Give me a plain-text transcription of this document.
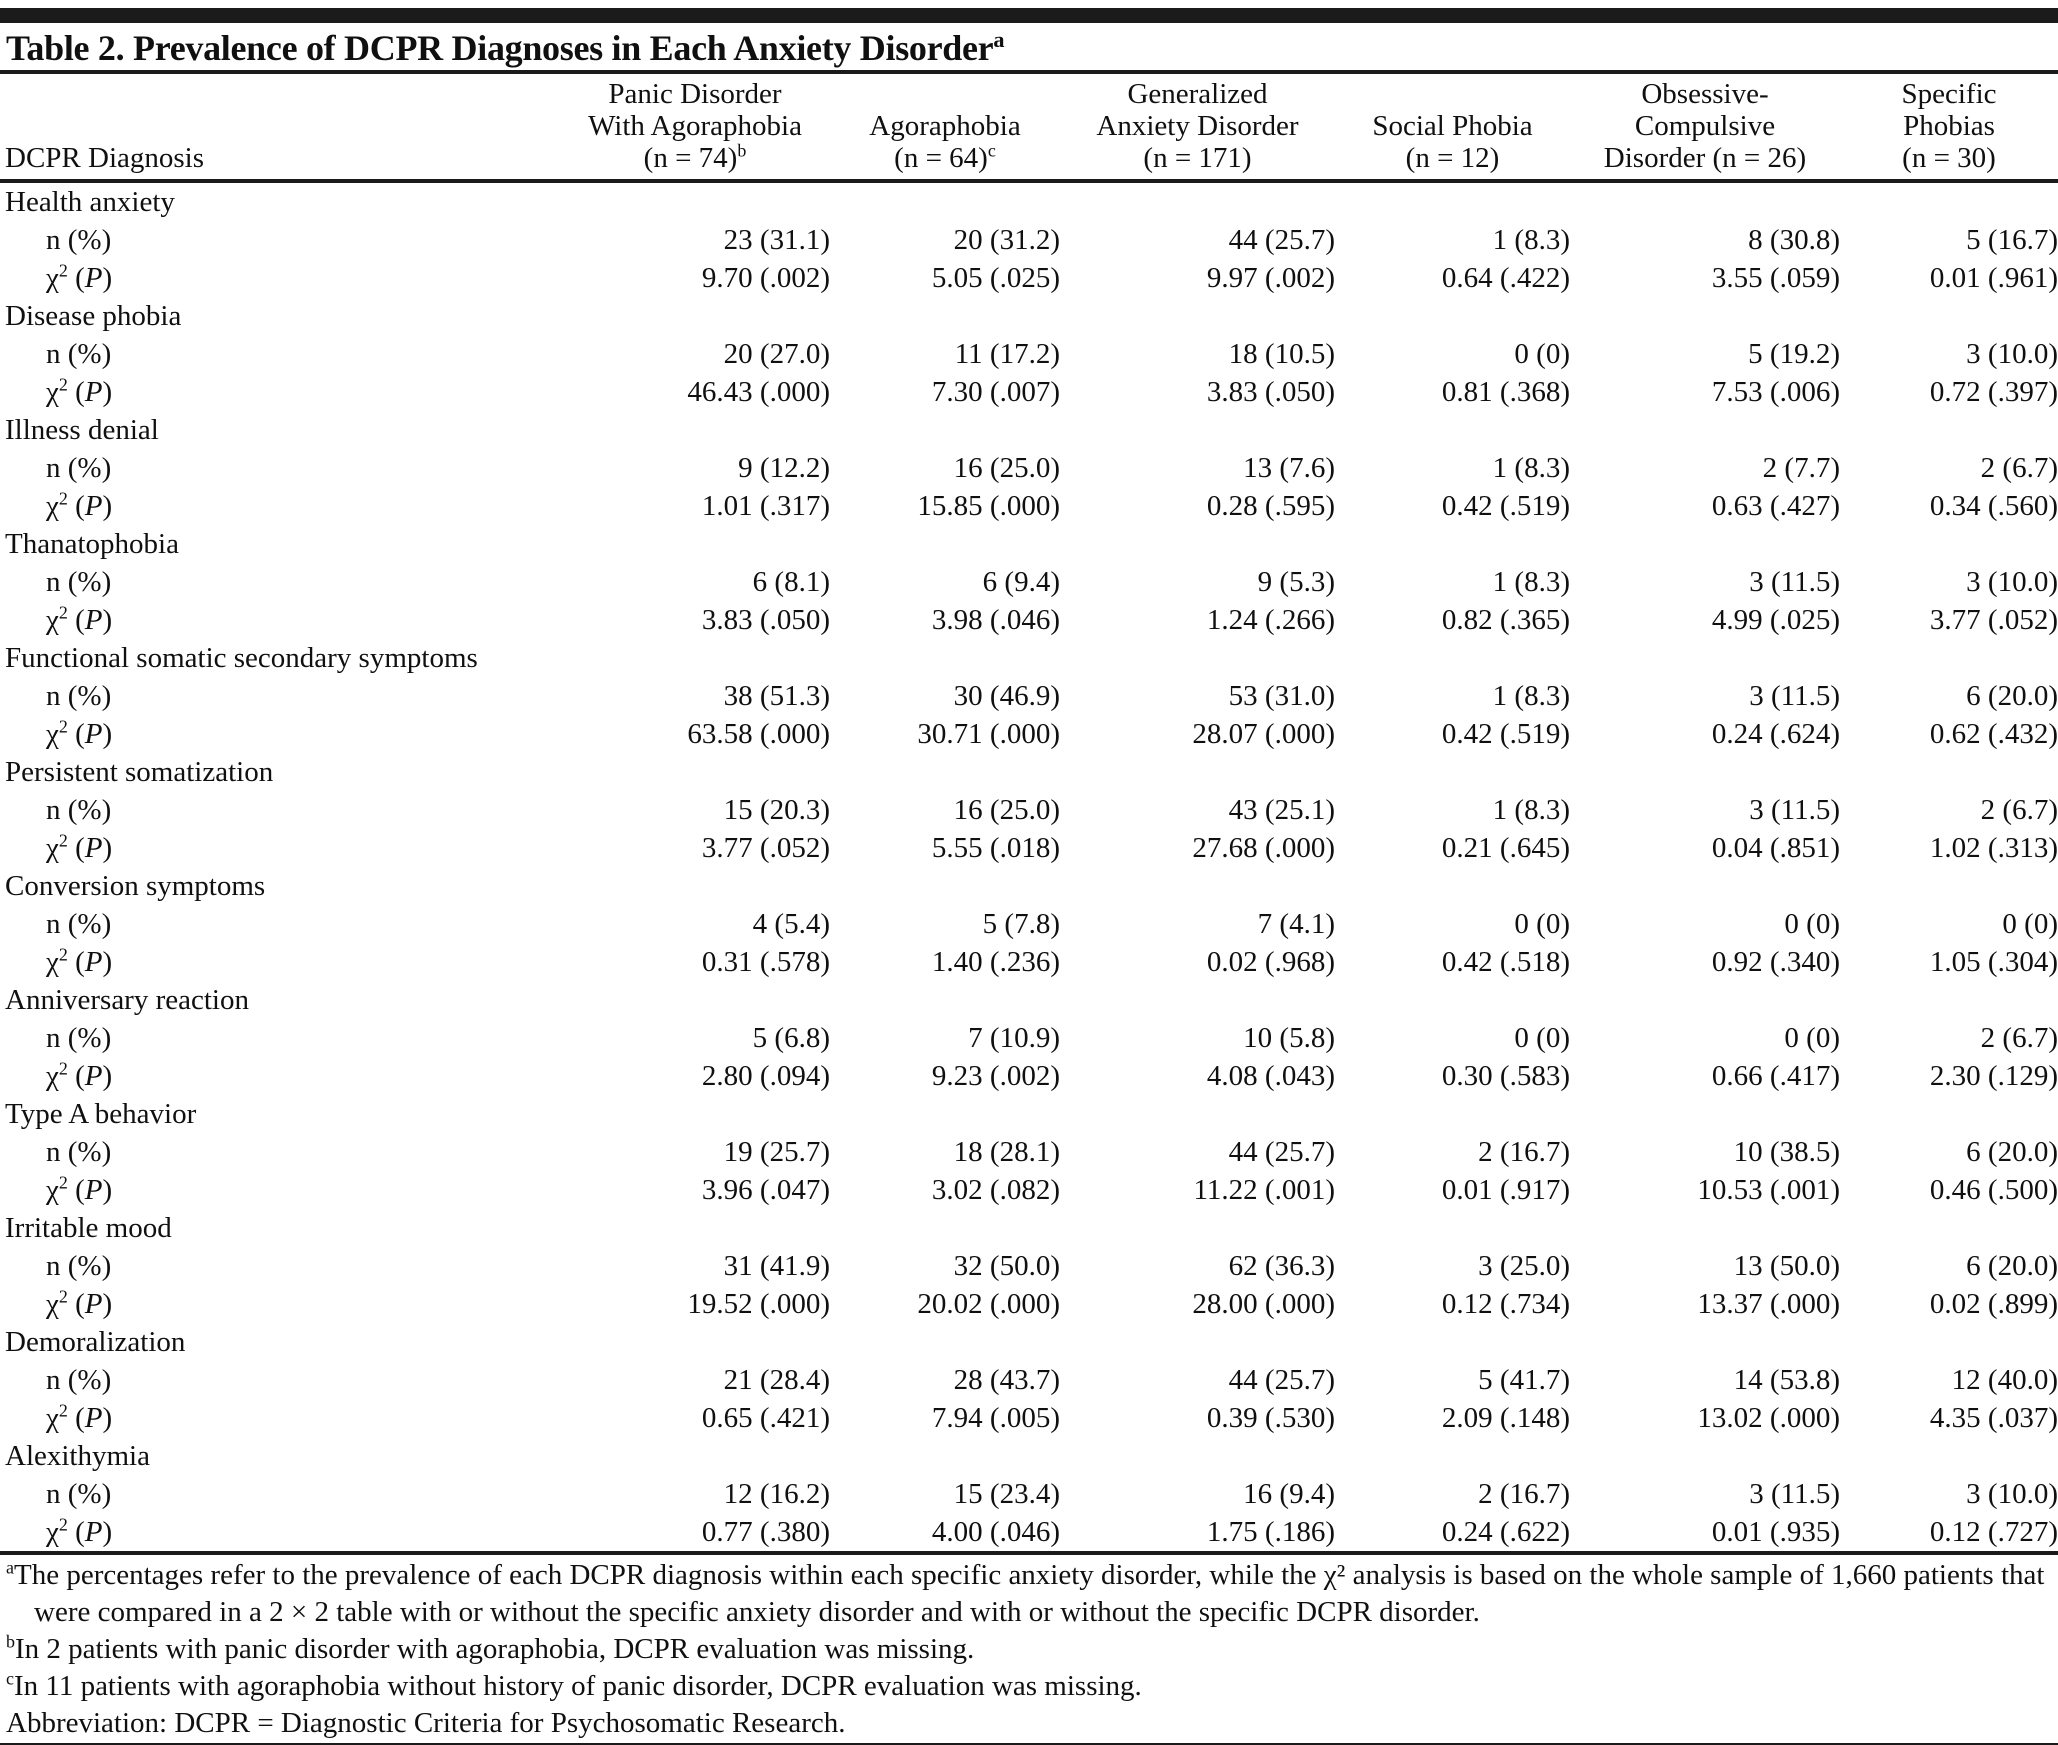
Table 2. Prevalence of DCPR Diagnoses in Each Anxiety Disorder$^a$
DCPR Diagnosis

Panic Disorder
With Agoraphobia
(n = 74)$^b$

Agoraphobia
(n = 64)$^c$

Generalized
Anxiety Disorder
(n = 171)

Social Phobia
(n = 12)

Obsessive-
Compulsive
Disorder (n = 26)

Specific
Phobias
(n = 30)

Health anxiety						
n (%)	23 (31.1)	20 (31.2)	44 (25.7)	1 (8.3)	8 (30.8)	5 (16.7)
$\chi^2$ (P)	9.70 (.002)	5.05 (.025)	9.97 (.002)	0.64 (.422)	3.55 (.059)	0.01 (.961)
Disease phobia						
n (%)	20 (27.0)	11 (17.2)	18 (10.5)	0 (0)	5 (19.2)	3 (10.0)
$\chi^2$ (P)	46.43 (.000)	7.30 (.007)	3.83 (.050)	0.81 (.368)	7.53 (.006)	0.72 (.397)
Illness denial						
n (%)	9 (12.2)	16 (25.0)	13 (7.6)	1 (8.3)	2 (7.7)	2 (6.7)
$\chi^2$ (P)	1.01 (.317)	15.85 (.000)	0.28 (.595)	0.42 (.519)	0.63 (.427)	0.34 (.560)
Thanatophobia						
n (%)	6 (8.1)	6 (9.4)	9 (5.3)	1 (8.3)	3 (11.5)	3 (10.0)
$\chi^2$ (P)	3.83 (.050)	3.98 (.046)	1.24 (.266)	0.82 (.365)	4.99 (.025)	3.77 (.052)
Functional somatic secondary symptoms						
n (%)	38 (51.3)	30 (46.9)	53 (31.0)	1 (8.3)	3 (11.5)	6 (20.0)
$\chi^2$ (P)	63.58 (.000)	30.71 (.000)	28.07 (.000)	0.42 (.519)	0.24 (.624)	0.62 (.432)
Persistent somatization						
n (%)	15 (20.3)	16 (25.0)	43 (25.1)	1 (8.3)	3 (11.5)	2 (6.7)
$\chi^2$ (P)	3.77 (.052)	5.55 (.018)	27.68 (.000)	0.21 (.645)	0.04 (.851)	1.02 (.313)
Conversion symptoms						
n (%)	4 (5.4)	5 (7.8)	7 (4.1)	0 (0)	0 (0)	0 (0)
$\chi^2$ (P)	0.31 (.578)	1.40 (.236)	0.02 (.968)	0.42 (.518)	0.92 (.340)	1.05 (.304)
Anniversary reaction						
n (%)	5 (6.8)	7 (10.9)	10 (5.8)	0 (0)	0 (0)	2 (6.7)
$\chi^2$ (P)	2.80 (.094)	9.23 (.002)	4.08 (.043)	0.30 (.583)	0.66 (.417)	2.30 (.129)
Type A behavior						
n (%)	19 (25.7)	18 (28.1)	44 (25.7)	2 (16.7)	10 (38.5)	6 (20.0)
$\chi^2$ (P)	3.96 (.047)	3.02 (.082)	11.22 (.001)	0.01 (.917)	10.53 (.001)	0.46 (.500)
Irritable mood						
n (%)	31 (41.9)	32 (50.0)	62 (36.3)	3 (25.0)	13 (50.0)	6 (20.0)
$\chi^2$ (P)	19.52 (.000)	20.02 (.000)	28.00 (.000)	0.12 (.734)	13.37 (.000)	0.02 (.899)
Demoralization						
n (%)	21 (28.4)	28 (43.7)	44 (25.7)	5 (41.7)	14 (53.8)	12 (40.0)
$\chi^2$ (P)	0.65 (.421)	7.94 (.005)	0.39 (.530)	2.09 (.148)	13.02 (.000)	4.35 (.037)
Alexithymia						
n (%)	12 (16.2)	15 (23.4)	16 (9.4)	2 (16.7)	3 (11.5)	3 (10.0)
$\chi^2$ (P)	0.77 (.380)	4.00 (.046)	1.75 (.186)	0.24 (.622)	0.01 (.935)	0.12 (.727)
$^a$The percentages refer to the prevalence of each DCPR diagnosis within each specific anxiety disorder, while the χ² analysis is based on the whole sample of 1,660 patients that were compared in a 2 × 2 table with or without the specific anxiety disorder and with or without the specific DCPR disorder.
$^b$In 2 patients with panic disorder with agoraphobia, DCPR evaluation was missing.
$^c$In 11 patients with agoraphobia without history of panic disorder, DCPR evaluation was missing.
Abbreviation: DCPR = Diagnostic Criteria for Psychosomatic Research.
